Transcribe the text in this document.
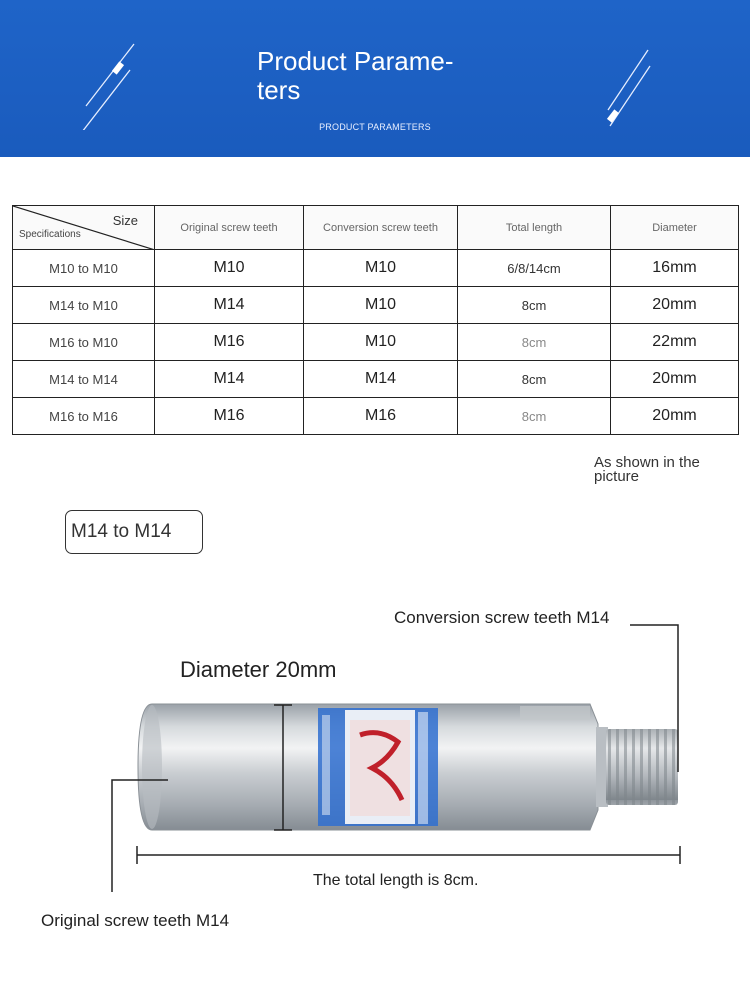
Product Parame-
ters
PRODUCT PARAMETERS
Size
Specifications	Original screw teeth	Conversion screw teeth	Total length	Diameter
M10 to M10	M10	M10	6/8/14cm	16mm
M14 to M10	M14	M10	8cm	20mm
M16 to M10	M16	M10	8cm	22mm
M14 to M14	M14	M14	8cm	20mm
M16 to M16	M16	M16	8cm	20mm
As shown in the picture
M14 to M14
Conversion screw teeth M14
Diameter 20mm
The total length is 8cm.
Original screw teeth M14
